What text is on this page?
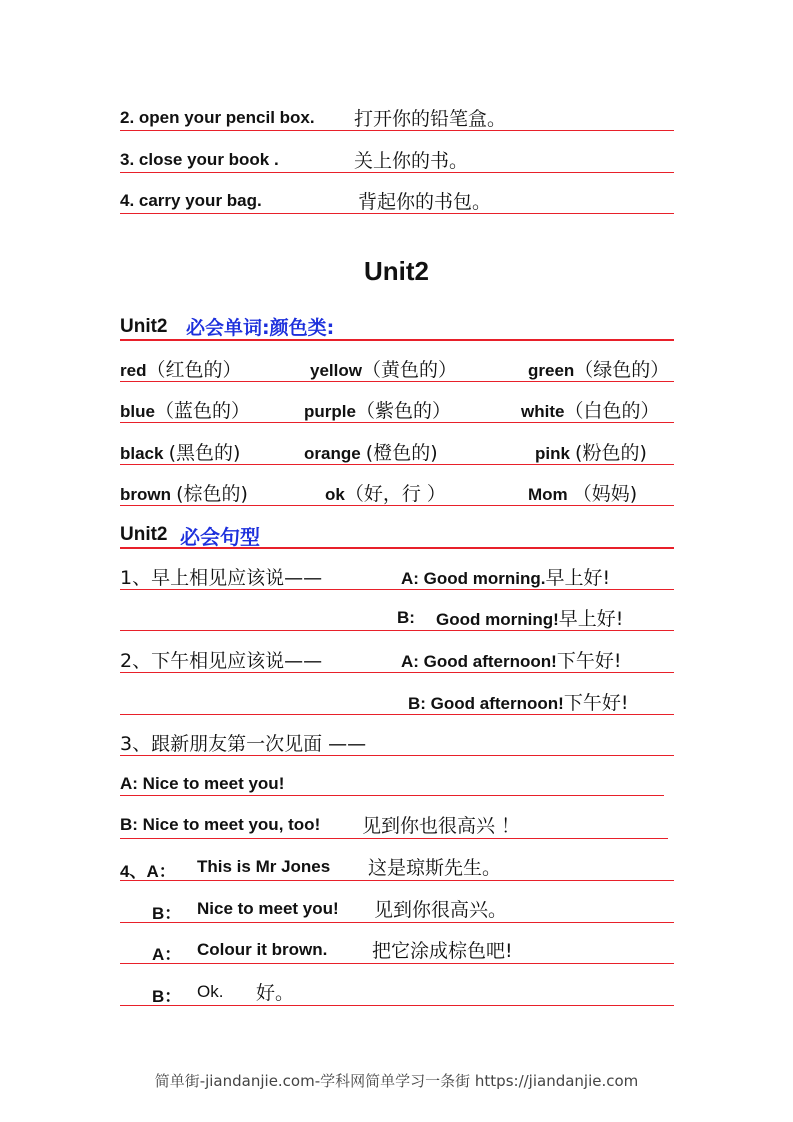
2. open your pencil box. 打开你的铅笔盒。
3. close your book .	关上你的书。
4. carry your bag.	背起你的书包。
Unit2
Unit2 必会单词:颜色类:
red（红色的）	yellow（黄色的）	green（绿色的）
blue（蓝色的）	purple（紫色的）	white（白色的）
black (黑色的)	orange (橙色的)	pink (粉色的)
brown (棕色的)	ok（好，行 ）	Mom （妈妈)
Unit2 必会句型
1、早上相见应该说——	A: Good morning.早上好!
B: Good morning!早上好!
2、下午相见应该说——	A: Good afternoon!下午好!
B: Good afternoon!下午好!
3、跟新朋友第一次见面 ——
A: Nice to meet you!
B: Nice to meet you, too! 见到你也很高兴 ！
4、A： This is Mr Jones 这是琼斯先生。
B： Nice to meet you! 见到你很高兴。
A： Colour it brown. 把它涂成棕色吧!
B： Ok. 好。
简单街-jiandanjie.com-学科网简单学习一条街 https://jiandanjie.com
